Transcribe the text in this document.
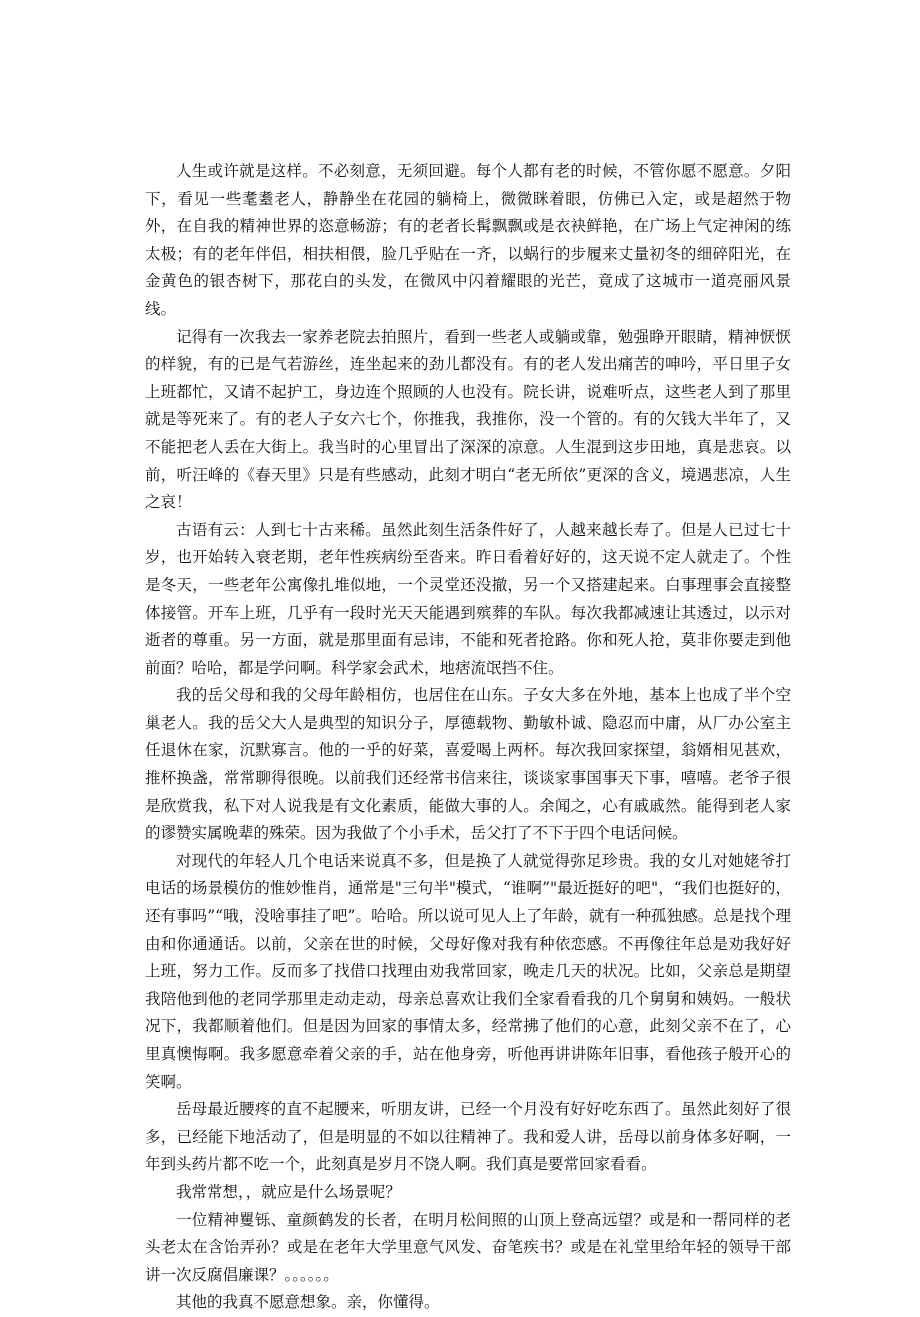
人生或许就是这样。不必刻意，无须回避。每个人都有老的时候，不管你愿不愿意。夕阳下，看见一些耄耋老人，静静坐在花园的躺椅上，微微眯着眼，仿佛已入定，或是超然于物外，在自我的精神世界的恣意畅游；有的老者长髯飘飘或是衣袂鲜艳，在广场上气定神闲的练太极；有的老年伴侣，相扶相偎，脸几乎贴在一齐，以蜗行的步履来丈量初冬的细碎阳光，在金黄色的银杏树下，那花白的头发，在微风中闪着耀眼的光芒，竟成了这城市一道亮丽风景线。

记得有一次我去一家养老院去拍照片，看到一些老人或躺或靠，勉强睁开眼睛，精神恹恹的样貌，有的已是气若游丝，连坐起来的劲儿都没有。有的老人发出痛苦的呻吟，平日里子女上班都忙，又请不起护工，身边连个照顾的人也没有。院长讲，说难听点，这些老人到了那里就是等死来了。有的老人子女六七个，你推我，我推你，没一个管的。有的欠钱大半年了，又不能把老人丢在大街上。我当时的心里冒出了深深的凉意。人生混到这步田地，真是悲哀。以前，听汪峰的《春天里》只是有些感动，此刻才明白“老无所依”更深的含义，境遇悲凉，人生之哀！

古语有云：人到七十古来稀。虽然此刻生活条件好了，人越来越长寿了。但是人已过七十岁，也开始转入衰老期，老年性疾病纷至沓来。昨日看着好好的，这天说不定人就走了。个性是冬天，一些老年公寓像扎堆似地，一个灵堂还没撤，另一个又搭建起来。白事理事会直接整体接管。开车上班，几乎有一段时光天天能遇到殡葬的车队。每次我都减速让其透过，以示对逝者的尊重。另一方面，就是那里面有忌讳，不能和死者抢路。你和死人抢，莫非你要走到他前面？哈哈，都是学问啊。科学家会武术，地痞流氓挡不住。

我的岳父母和我的父母年龄相仿，也居住在山东。子女大多在外地，基本上也成了半个空巢老人。我的岳父大人是典型的知识分子，厚德载物、勤敏朴诚、隐忍而中庸，从厂办公室主任退休在家，沉默寡言。他的一乎的好菜，喜爱喝上两杯。每次我回家探望，翁婿相见甚欢，推杯换盏，常常聊得很晚。以前我们还经常书信来往，谈谈家事国事天下事，嘻嘻。老爷子很是欣赏我，私下对人说我是有文化素质，能做大事的人。余闻之，心有戚戚然。能得到老人家的谬赞实属晚辈的殊荣。因为我做了个小手术，岳父打了不下于四个电话问候。

对现代的年轻人几个电话来说真不多，但是换了人就觉得弥足珍贵。我的女儿对她姥爷打电话的场景模仿的惟妙惟肖，通常是"三句半"模式，“谁啊”"最近挺好的吧"，“我们也挺好的，还有事吗”“哦，没啥事挂了吧”。哈哈。所以说可见人上了年龄，就有一种孤独感。总是找个理由和你通通话。以前，父亲在世的时候，父母好像对我有种依恋感。不再像往年总是劝我好好上班，努力工作。反而多了找借口找理由劝我常回家，晚走几天的状况。比如，父亲总是期望我陪他到他的老同学那里走动走动，母亲总喜欢让我们全家看看我的几个舅舅和姨妈。一般状况下，我都顺着他们。但是因为回家的事情太多，经常拂了他们的心意，此刻父亲不在了，心里真懊悔啊。我多愿意牵着父亲的手，站在他身旁，听他再讲讲陈年旧事，看他孩子般开心的笑啊。

岳母最近腰疼的直不起腰来，听朋友讲，已经一个月没有好好吃东西了。虽然此刻好了很多，已经能下地活动了，但是明显的不如以往精神了。我和爱人讲，岳母以前身体多好啊，一年到头药片都不吃一个，此刻真是岁月不饶人啊。我们真是要常回家看看。

我常常想，，就应是什么场景呢？

一位精神矍铄、童颜鹤发的长者，在明月松间照的山顶上登高远望？或是和一帮同样的老头老太在含饴弄孙？或是在老年大学里意气风发、奋笔疾书？或是在礼堂里给年轻的领导干部讲一次反腐倡廉课？。。。。。。

其他的我真不愿意想象。亲，你懂得。
